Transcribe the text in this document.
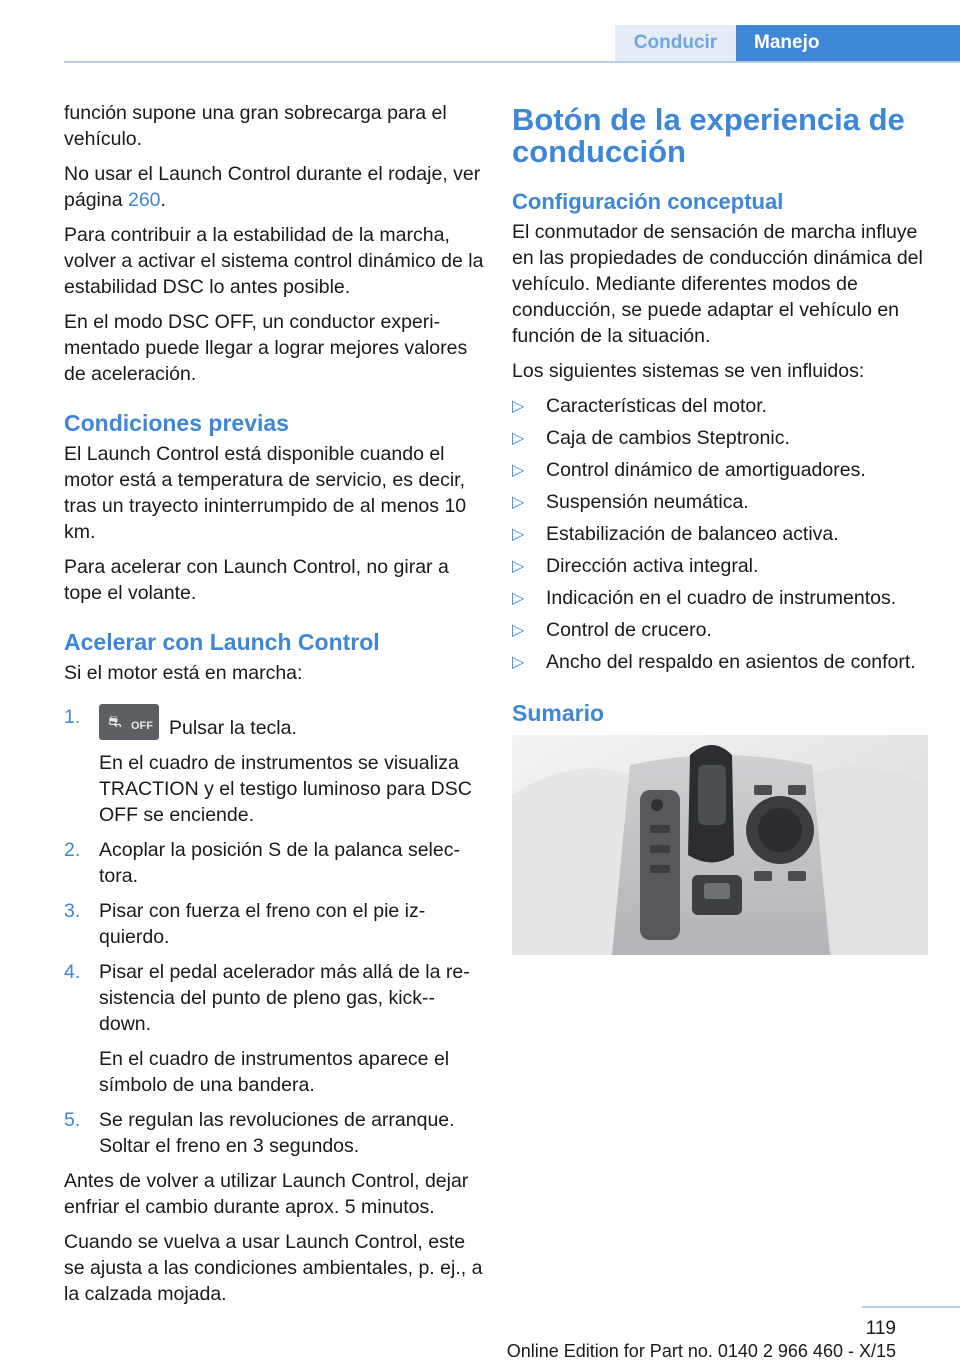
Conducir	Manejo

función supone una gran sobrecarga para el vehículo.

No usar el Launch Control durante el rodaje, ver página 260.

Para contribuir a la estabilidad de la marcha, volver a activar el sistema control dinámico de la estabilidad DSC lo antes posible.

En el modo DSC OFF, un conductor experi‐mentado puede llegar a lograr mejores valores de aceleración.

Condiciones previas

El Launch Control está disponible cuando el motor está a temperatura de servicio, es decir, tras un trayecto ininterrumpido de al menos 10 km.

Para acelerar con Launch Control, no girar a tope el volante.

Acelerar con Launch Control

Si el motor está en marcha:

1. ⛐ OFF Pulsar la tecla.
En el cuadro de instrumentos se visualiza TRACTION y el testigo luminoso para DSC OFF se enciende.
2. Acoplar la posición S de la palanca selec‐tora.
3. Pisar con fuerza el freno con el pie iz‐quierdo.
4. Pisar el pedal acelerador más allá de la re‐sistencia del punto de pleno gas, kick‐-down.
En el cuadro de instrumentos aparece el símbolo de una bandera.
5. Se regulan las revoluciones de arranque. Soltar el freno en 3 segundos.

Antes de volver a utilizar Launch Control, dejar enfriar el cambio durante aprox. 5 minutos.

Cuando se vuelva a usar Launch Control, este se ajusta a las condiciones ambientales, p. ej., a la calzada mojada.

Botón de la experiencia de conducción
Configuración conceptual

El conmutador de sensación de marcha influye en las propiedades de conducción dinámica del vehículo. Mediante diferentes modos de conducción, se puede adaptar el vehículo en función de la situación.

Los siguientes sistemas se ven influidos:

▷ Características del motor.
▷ Caja de cambios Steptronic.
▷ Control dinámico de amortiguadores.
▷ Suspensión neumática.
▷ Estabilización de balanceo activa.
▷ Dirección activa integral.
▷ Indicación en el cuadro de instrumentos.
▷ Control de crucero.
▷ Ancho del respaldo en asientos de confort.
Sumario
119
Online Edition for Part no. 0140 2 966 460 - X/15
